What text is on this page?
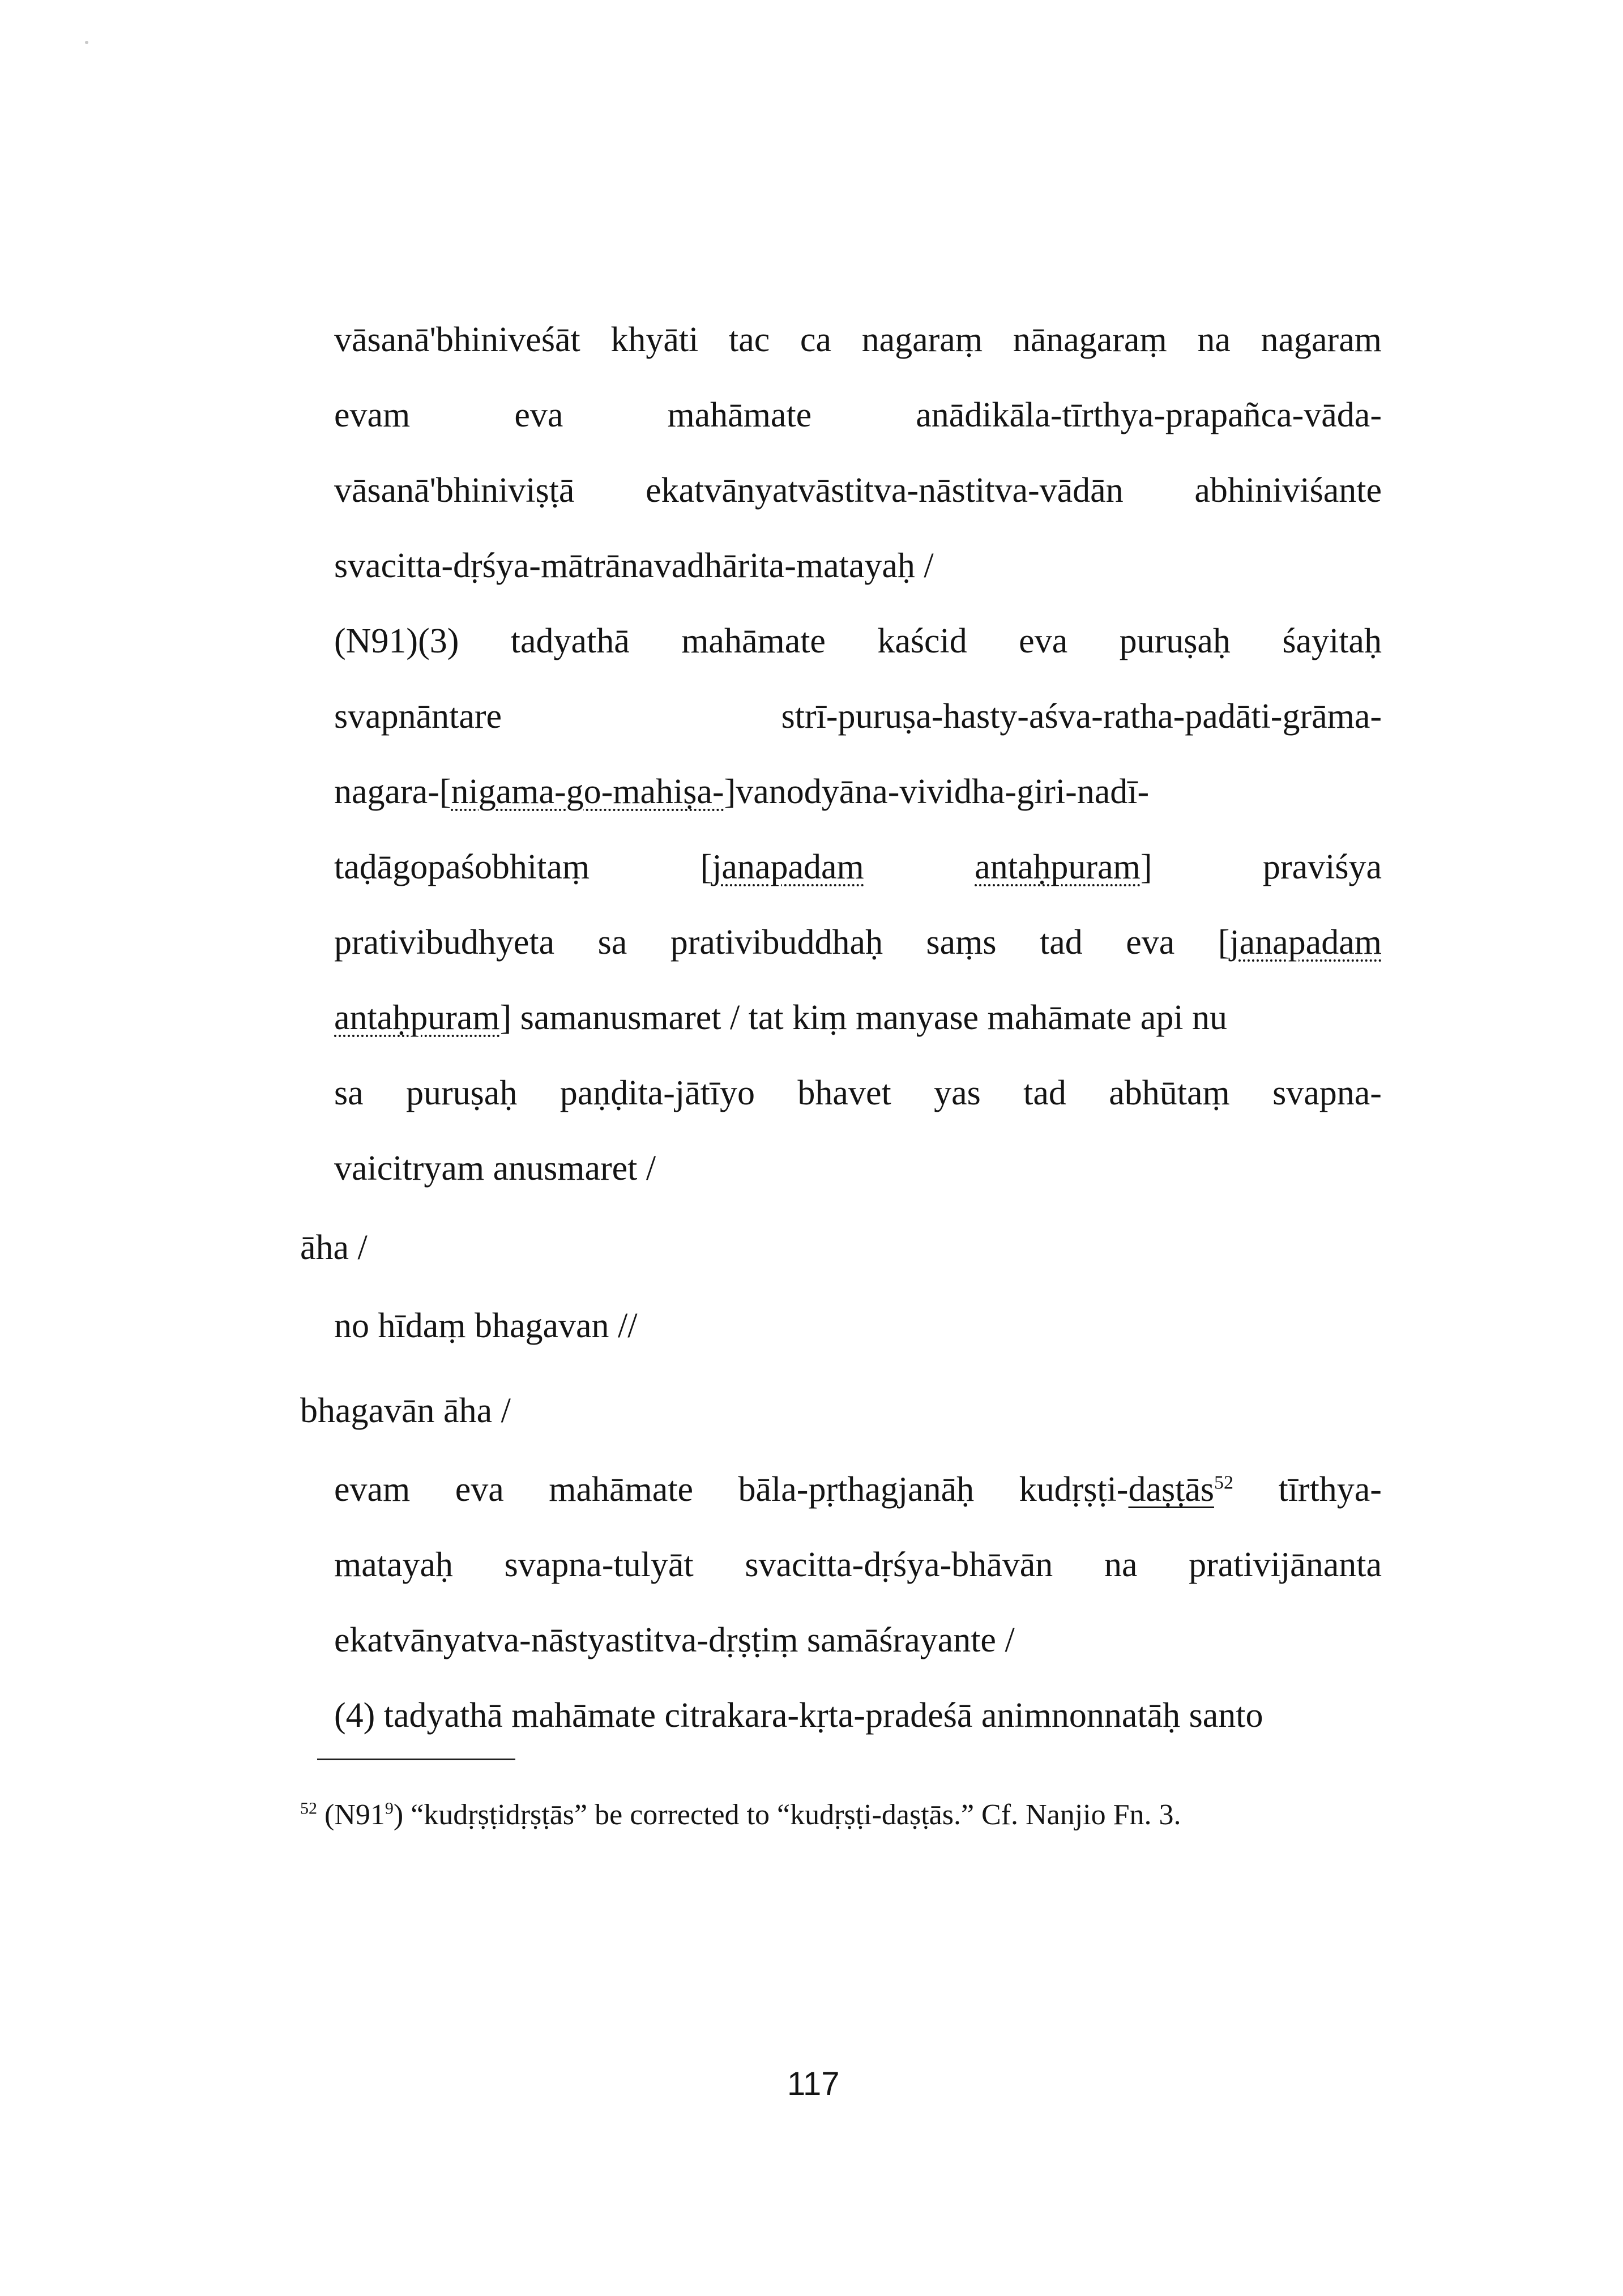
vāsanā'bhiniveśāt khyāti tac ca nagaraṃ nānagaraṃ na nagaram
evam	eva	mahāmate	anādikāla-tīrthya-prapañca-vāda-
vāsanā'bhiniviṣṭā ekatvānyatvāstitva-nāstitva-vādān abhiniviśante
svacitta-dṛśya-mātrānavadhārita-matayaḥ /
(N91)(3) tadyathā mahāmate kaścid eva puruṣaḥ śayitaḥ
svapnāntare	strī-puruṣa-hasty-aśva-ratha-padāti-grāma-
nagara-[nigama-go-mahiṣa-]vanodyāna-vividha-giri-nadī-
taḍāgopaśobhitaṃ	[janapadam	antaḥpuram]	praviśya
prativibudhyeta sa prativibuddhaḥ saṃs tad eva [janapadam
antaḥpuram] samanusmaret / tat kiṃ manyase mahāmate api nu
sa puruṣaḥ paṇḍita-jātīyo bhavet yas tad abhūtaṃ svapna-
vaicitryam anusmaret /
āha /
no hīdaṃ bhagavan //
bhagavān āha /
evam eva mahāmate bāla-pṛthagjanāḥ kudṛṣṭi-daṣṭās$^{52}$ tīrthya-
matayaḥ svapna-tulyāt svacitta-dṛśya-bhāvān na prativijānanta
ekatvānyatva-nāstyastitva-dṛṣṭiṃ samāśrayante /
(4) tadyathā mahāmate citrakara-kṛta-pradeśā animnonnatāḥ santo
$^{52}$ $(N91^9)$ “kudṛṣṭidṛṣṭās” be corrected to “kudṛṣṭi-daṣṭās.” Cf. Nanjio Fn. 3.
117
